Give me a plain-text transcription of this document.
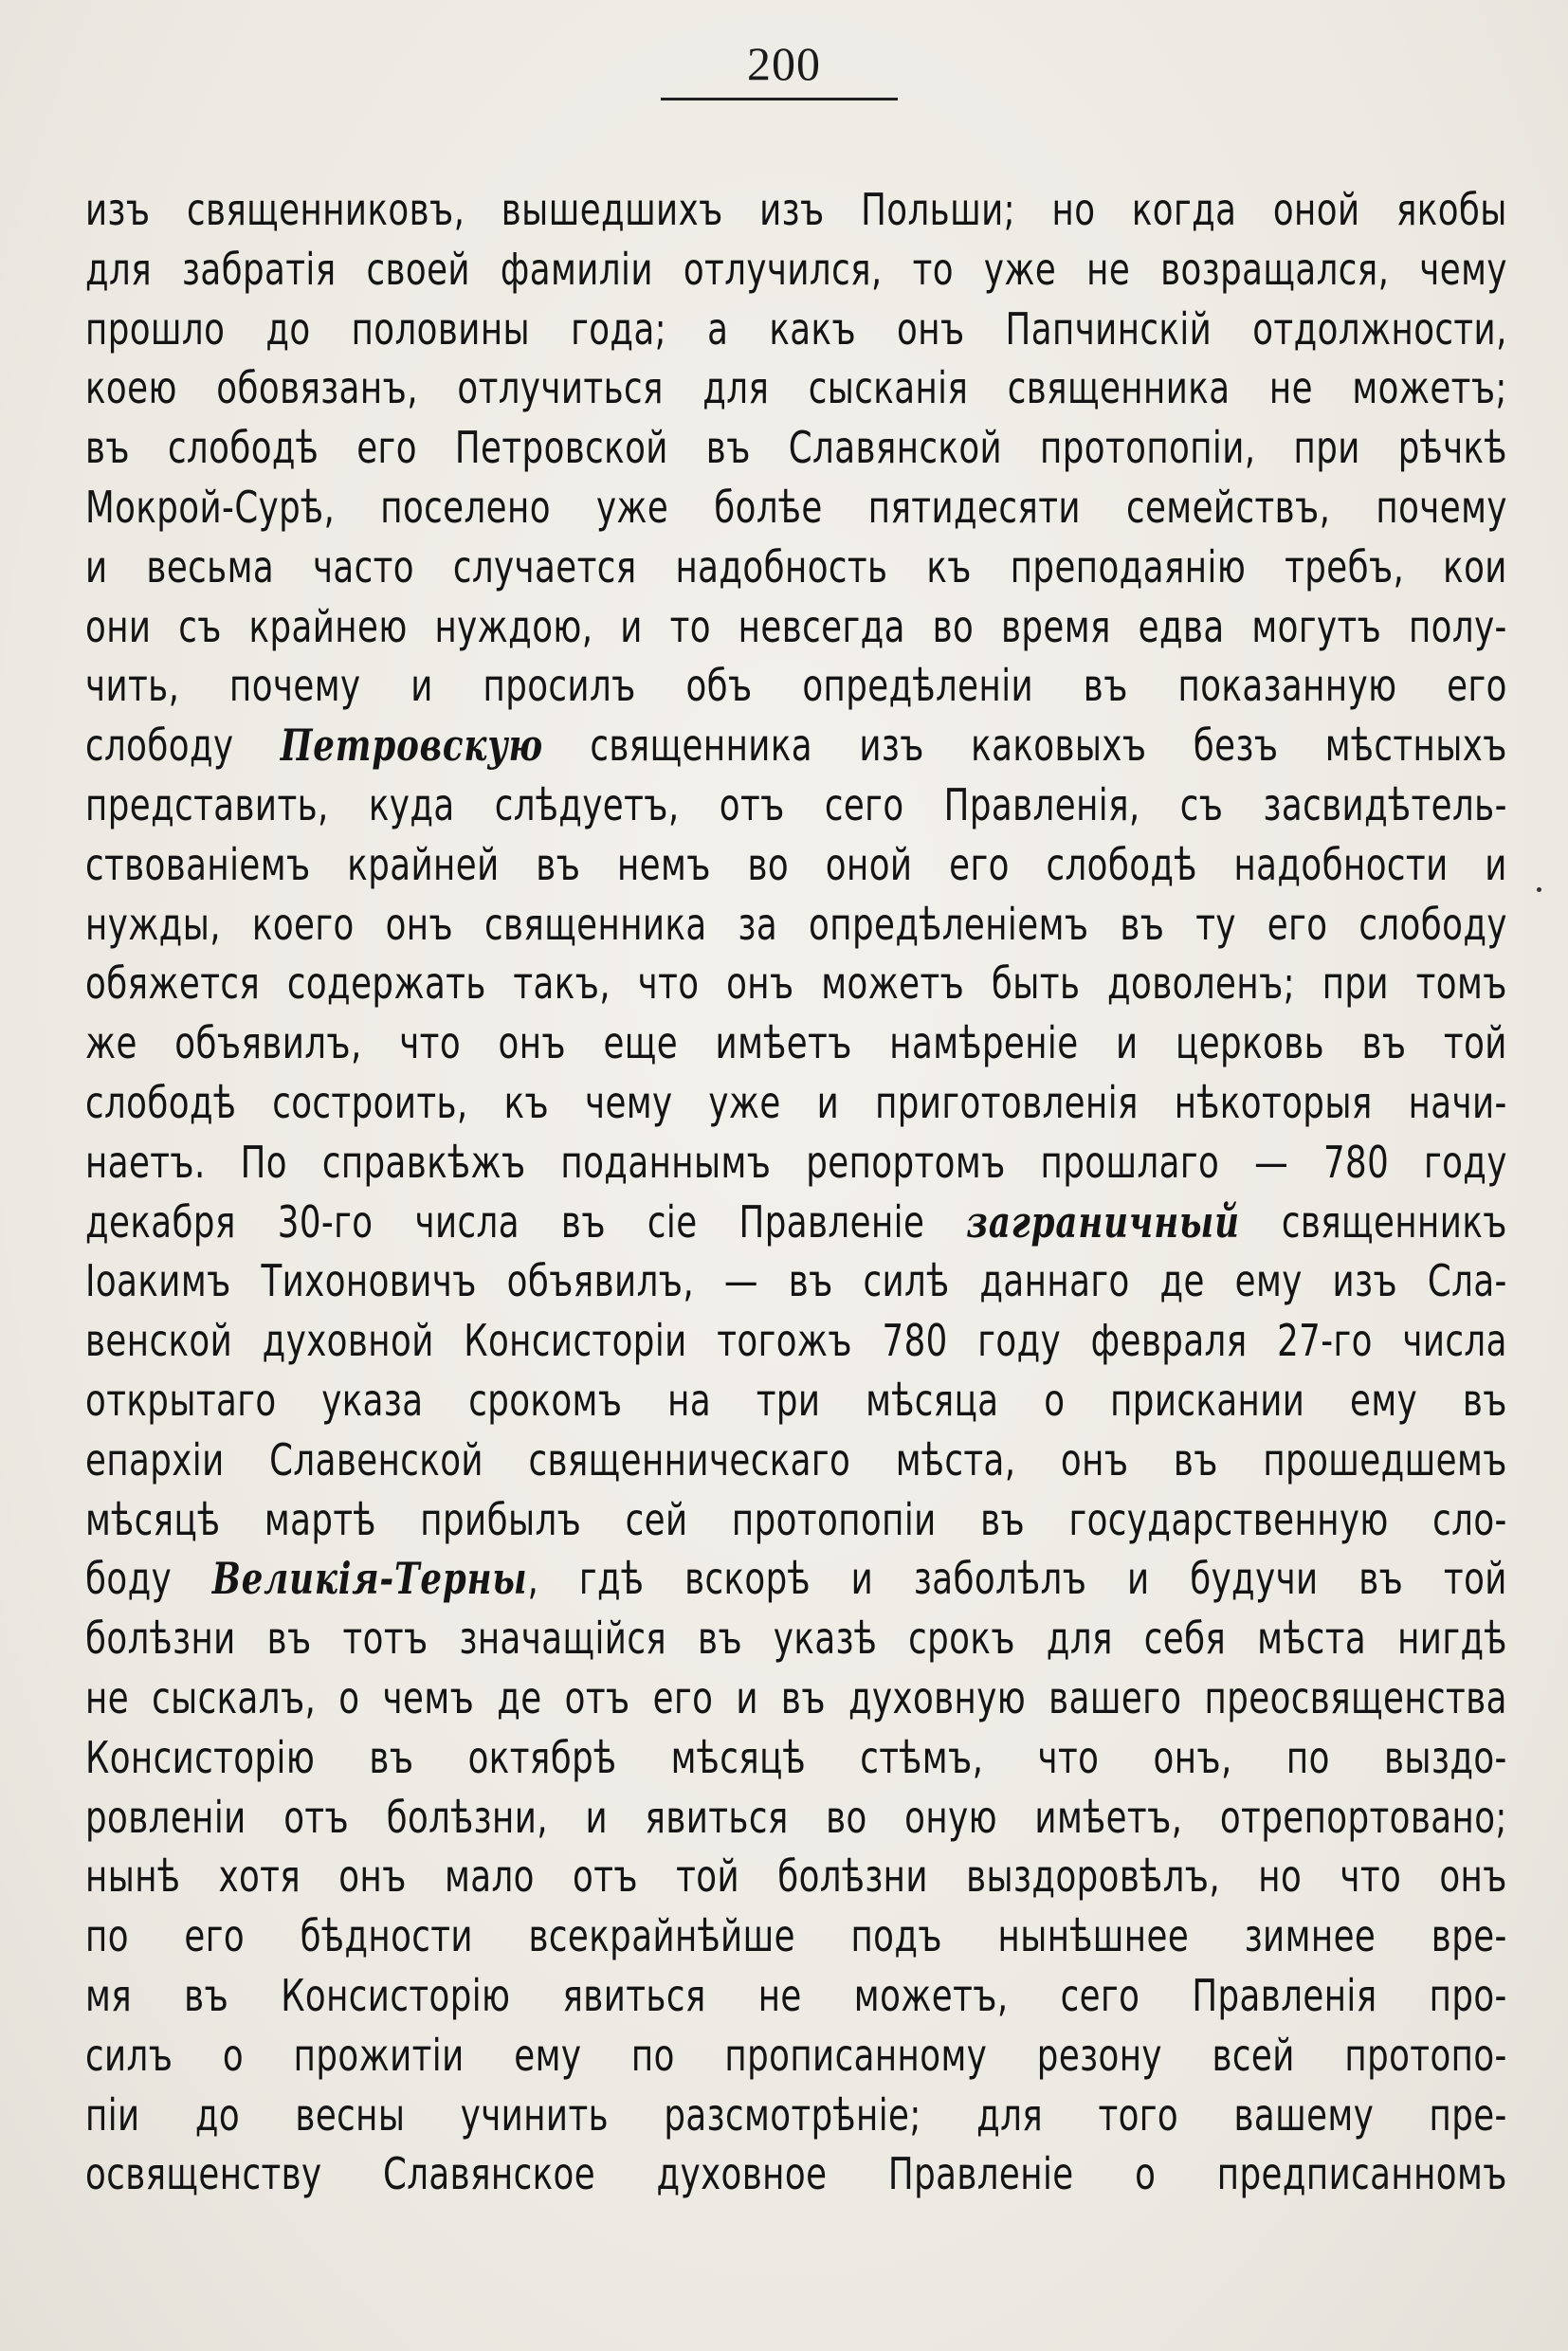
200
изъ священниковъ, вышедшихъ изъ Польши; но когда оной якобы
для забратія своей фамиліи отлучился, то уже не возращался, чему
прошло до половины года; а какъ онъ Папчинскій отдолжности,
коею обовязанъ, отлучиться для сысканія священника не можетъ;
въ слободѣ его Петровской въ Славянской протопопіи, при рѣчкѣ
Мокрой-Сурѣ, поселено уже болѣе пятидесяти семействъ, почему
и весьма часто случается надобность къ преподаянію требъ, кои
они съ крайнею нуждою, и то невсегда во время едва могутъ полу-
чить, почему и просилъ объ опредѣленіи въ показанную его
слободу Петровскую священника изъ каковыхъ безъ мѣстныхъ
представить, куда слѣдуетъ, отъ сего Правленія, съ засвидѣтель-
ствованіемъ крайней въ немъ во оной его слободѣ надобности и
нужды, коего онъ священника за опредѣленіемъ въ ту его слободу
обяжется содержать такъ, что онъ можетъ быть доволенъ; при томъ
же объявилъ, что онъ еще имѣетъ намѣреніе и церковь въ той
слободѣ состроить, къ чему уже и приготовленія нѣкоторыя начи-
наетъ. По справкѣжъ поданнымъ репортомъ прошлаго — 780 году
декабря 30-го числа въ сіе Правленіе заграничный священникъ
Іоакимъ Тихоновичъ объявилъ, — въ силѣ даннаго де ему изъ Сла-
венской духовной Консисторіи тогожъ 780 году февраля 27-го числа
открытаго указа срокомъ на три мѣсяца о прискании ему въ
епархіи Славенской священническаго мѣста, онъ въ прошедшемъ
мѣсяцѣ мартѣ прибылъ сей протопопіи въ государственную сло-
боду Великія-Терны, гдѣ вскорѣ и заболѣлъ и будучи въ той
болѣзни въ тотъ значащійся въ указѣ срокъ для себя мѣста нигдѣ
не сыскалъ, о чемъ де отъ его и въ духовную вашего преосвященства
Консисторію въ октябрѣ мѣсяцѣ стѣмъ, что онъ, по выздо-
ровленіи отъ болѣзни, и явиться во оную имѣетъ, отрепортовано;
нынѣ хотя онъ мало отъ той болѣзни выздоровѣлъ, но что онъ
по его бѣдности всекрайнѣйше подъ нынѣшнее зимнее вре-
мя въ Консисторію явиться не можетъ, сего Правленія про-
силъ о прожитіи ему по прописанному резону всей протопо-
піи до весны учинить разсмотрѣніе; для того вашему пре-
освященству Славянское духовное Правленіе о предписанномъ
